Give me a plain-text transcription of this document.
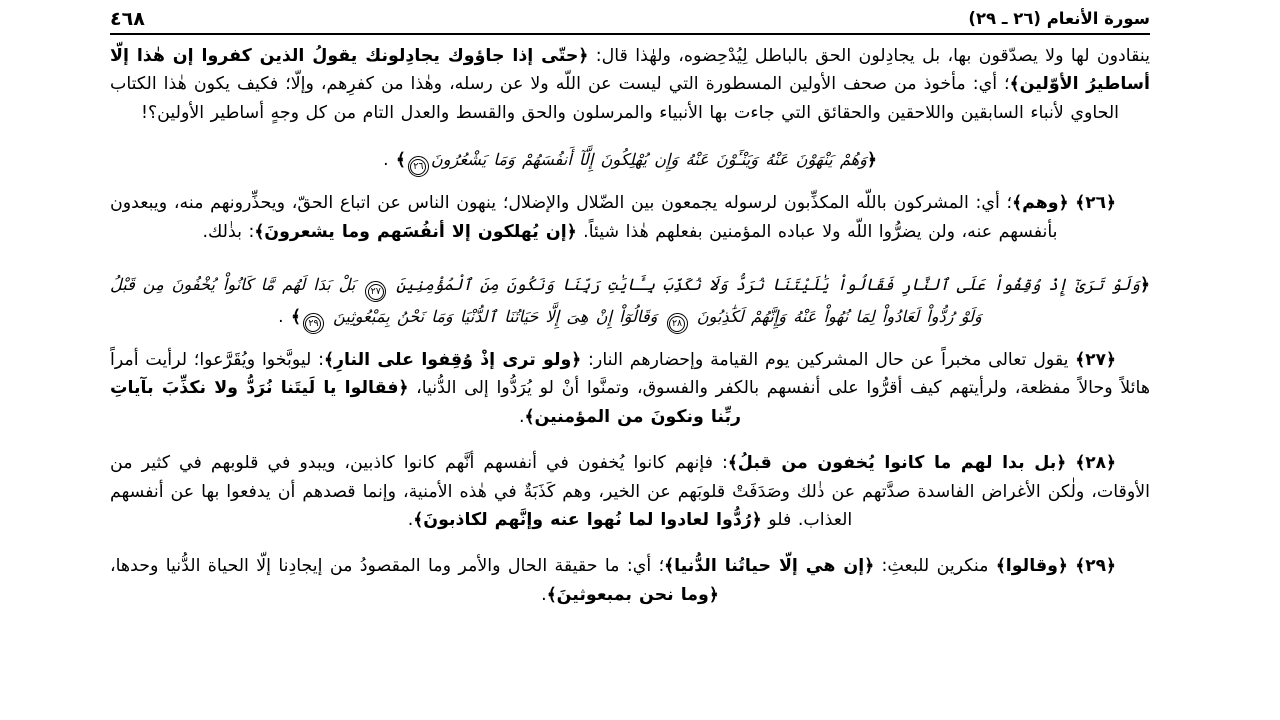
سورة الأنعام (٢٦ ـ ٢٩)
٤٦٨

ينقادون لها ولا يصدّقون بها، بل يجادِلون الحق بالباطل لِيُدْحِضوه، ولهٰذا قال: ﴿حتّى إذا جاؤوك يجادِلونك يقولُ الذين كفروا إن هٰذا إلّا أساطيرُ الأوّلين﴾؛ أي: مأخوذ من صحف الأولين المسطورة التي ليست عن اللّه ولا عن رسله، وهٰذا من كفرِهم، وإلّا؛ فكيف يكون هٰذا الكتاب الحاوي لأنباء السابقين واللاحقين والحقائق التي جاءت بها الأنبياء والمرسلون والحق والقسط والعدل التام من كل وجهٍ أساطير الأولين؟!

﴿وَهُمْ يَنْهَوْنَ عَنْهُ وَيَنْـَٔوْنَ عَنْهُ وَإِن يُهْلِكُونَ إِلَّآ أَنفُسَهُمْ وَمَا يَشْعُرُونَ٢٦﴾ .

﴿٢٦﴾ ﴿وهم﴾؛ أي: المشركون باللّه المكذِّبون لرسوله يجمعون بين الضّلال والإضلال؛ ينهون الناس عن اتباع الحقّ، ويحذِّرونهم منه، ويبعدون بأنفسهم عنه، ولن يضرُّوا اللّه ولا عباده المؤمنين بفعلهم هٰذا شيئاً. ﴿إن يُهلكون إلا أنفُسَهم وما يشعرونَ﴾: بذٰلك.

﴿وَلَوْ تَرَىٰٓ إِذْ وُقِفُواْ عَلَى ٱلنَّارِ فَقَالُواْ يَٰلَيْتَنَا نُرَدُّ وَلَا نُكَذِّبَ بِـَٔايَٰتِ رَبِّنَا وَنَكُونَ مِنَ ٱلْمُؤْمِنِينَ ٢٧ بَلْ بَدَا لَهُم مَّا كَانُواْ يُخْفُونَ مِن قَبْلُ وَلَوْ رُدُّواْ لَعَادُواْ لِمَا نُهُواْ عَنْهُ وَإِنَّهُمْ لَكَٰذِبُونَ ٢٨ وَقَالُوٓاْ إِنْ هِىَ إِلَّا حَيَاتُنَا ٱلدُّنْيَا وَمَا نَحْنُ بِمَبْعُوثِينَ ٢٩﴾ .

﴿٢٧﴾ يقول تعالى مخبراً عن حال المشركين يوم القيامة وإحضارهم النار: ﴿ولو ترى إذْ وُقِفوا على النارِ﴾: ليوبَّخوا ويُقَرَّعوا؛ لرأيت أمراً هائلاً وحالاً مفظعة، ولرأيتهم كيف أقرُّوا على أنفسهم بالكفر والفسوق، وتمنَّوا أنْ لو يُرَدُّوا إلى الدُّنيا، ﴿فقالوا يا لَيتَنا نُرَدُّ ولا نكذِّبَ بآياتِ ربِّنا ونكونَ من المؤمنين﴾.

﴿٢٨﴾ ﴿بل بدا لهم ما كانوا يُخفون من قبلُ﴾: فإنهم كانوا يُخفون في أنفسهم أنَّهم كانوا كاذبين، ويبدو في قلوبهم في كثير من الأوقات، ولٰكن الأغراض الفاسدة صدَّتهم عن ذٰلك وصَدَفَتْ قلوبَهم عن الخير، وهم كَذَبَةٌ في هٰذه الأمنية، وإنما قصدهم أن يدفعوا بها عن أنفسهم العذاب. فلو ﴿رُدُّوا لعادوا لما نُهوا عنه وإنَّهم لكاذبونَ﴾.

﴿٢٩﴾ ﴿وقالوا﴾ منكرين للبعثِ: ﴿إن هي إلّا حياتُنا الدُّنيا﴾؛ أي: ما حقيقة الحال والأمر وما المقصودُ من إيجادِنا إلّا الحياة الدُّنيا وحدها، ﴿وما نحن بمبعوثينَ﴾.
